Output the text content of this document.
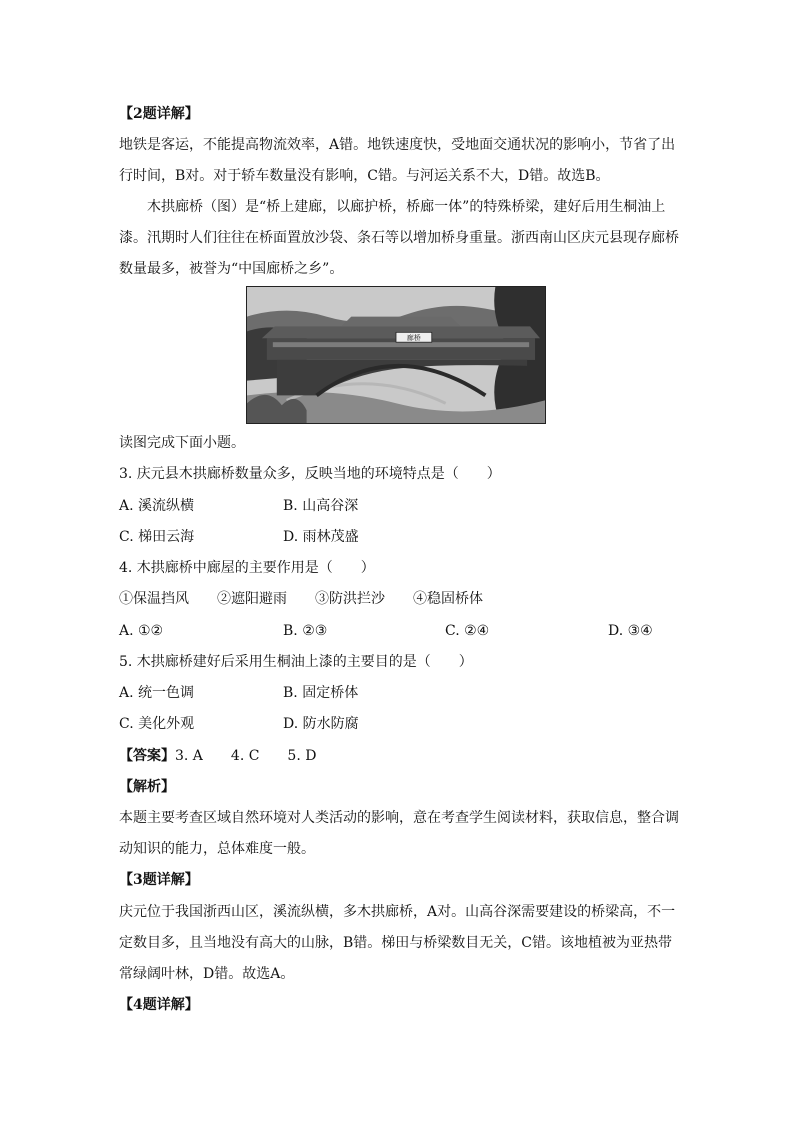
【2题详解】
地铁是客运，不能提高物流效率，A错。地铁速度快，受地面交通状况的影响小，节省了出
行时间，B对。对于轿车数量没有影响，C错。与河运关系不大，D错。故选B。
木拱廊桥（图）是“桥上建廊，以廊护桥，桥廊一体”的特殊桥梁，建好后用生桐油上
漆。汛期时人们往往在桥面置放沙袋、条石等以增加桥身重量。浙西南山区庆元县现存廊桥
数量最多，被誉为“中国廊桥之乡”。
廊桥
读图完成下面小题。
3. 庆元县木拱廊桥数量众多，反映当地的环境特点是（　　）
A. 溪流纵横	B. 山高谷深
C. 梯田云海	D. 雨林茂盛
4. 木拱廊桥中廊屋的主要作用是（　　）
①保温挡风 ②遮阳避雨 ③防洪拦沙 ④稳固桥体
A. ①②	B. ②③	C. ②④	D. ③④
5. 木拱廊桥建好后采用生桐油上漆的主要目的是（　　）
A. 统一色调	B. 固定桥体
C. 美化外观	D. 防水防腐
【答案】3. A　　4. C　　5. D
【解析】
本题主要考查区域自然环境对人类活动的影响，意在考查学生阅读材料，获取信息，整合调
动知识的能力，总体难度一般。
【3题详解】
庆元位于我国浙西山区，溪流纵横，多木拱廊桥，A对。山高谷深需要建设的桥梁高，不一
定数目多，且当地没有高大的山脉，B错。梯田与桥梁数目无关，C错。该地植被为亚热带
常绿阔叶林，D错。故选A。
【4题详解】
